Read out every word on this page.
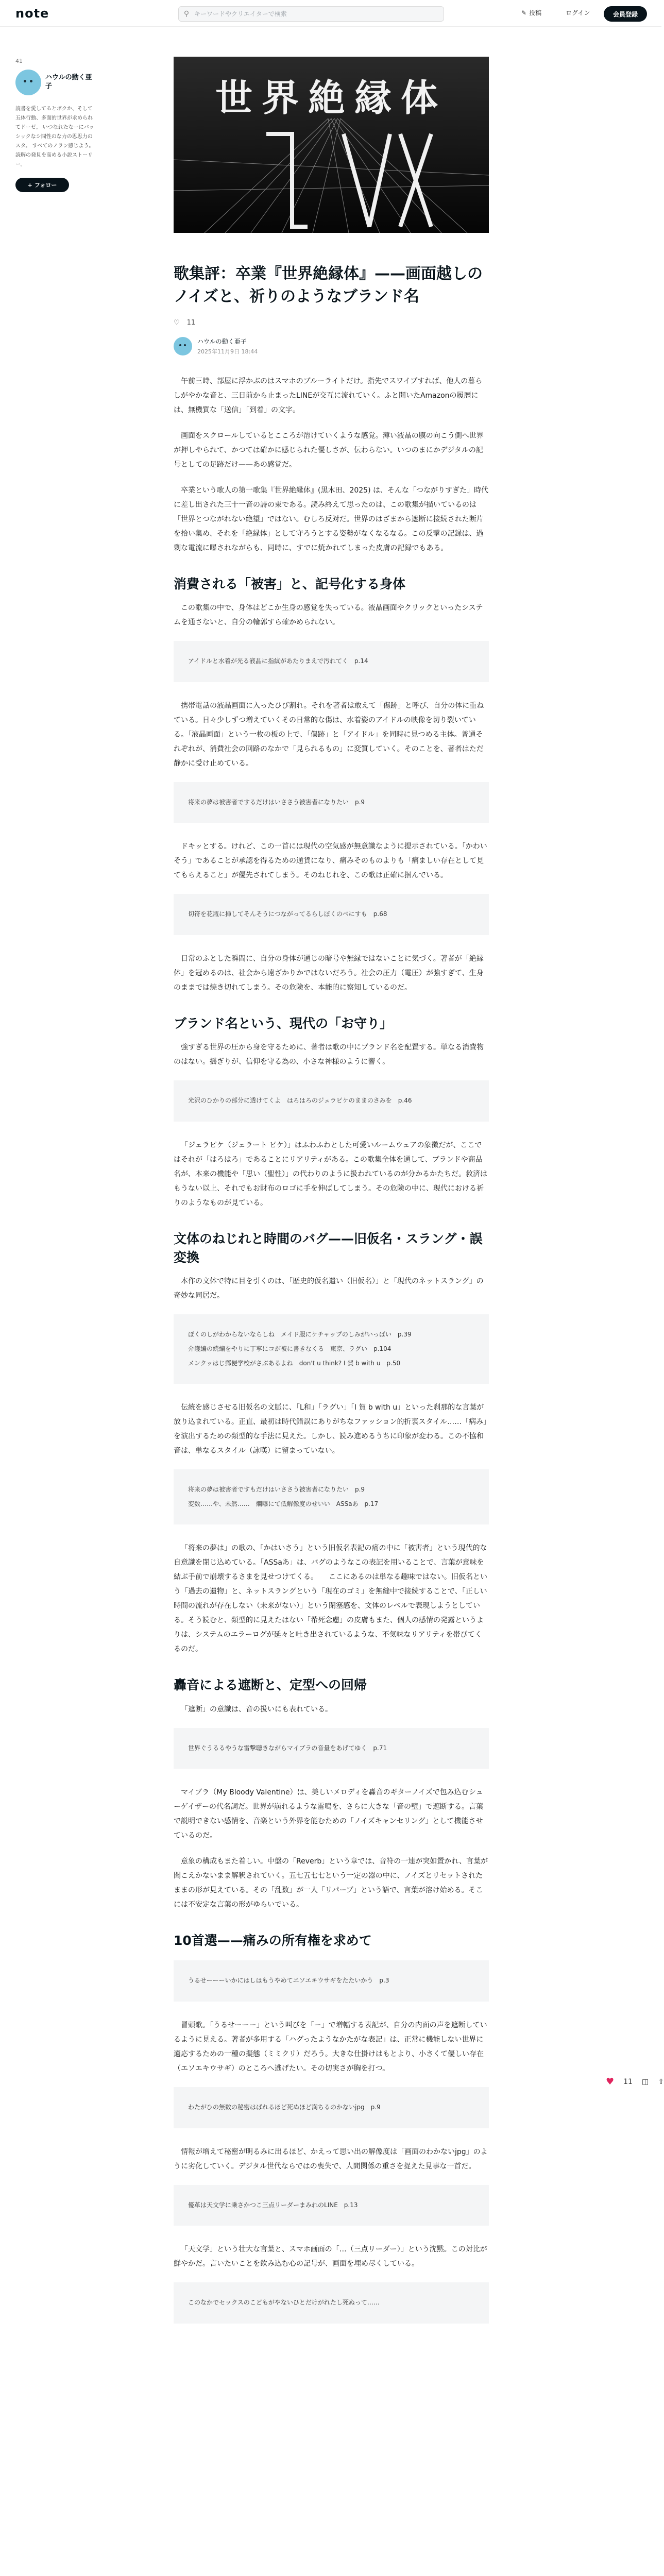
note	⚲
キーワードやクリエイターで検索	✎ 投稿	ログイン	会員登録
41
ハウルの動く亜子
読書を愛してるとボクか、そして五体行動、多面的世界が求められてドーゼ。 いつなれたなーにバッシックなシ間性のな力の思思力のスタ。 すべてのノラン感じよう。 読解の発見を高める小説ストーリー。
+ フォロー
世界絶縁体
歌集評：卒業『世界絶縁体』——画面越しのノイズと、祈りのようなブランド名
♡ 11
ハウルの動く亜子
2025年11月9日 18:44
午前三時、部屋に浮かぶのはスマホのブルーライトだけ。指先でスワイプすれば、他人の暮らしがやかな音と、三日前から止まったLINEが交互に流れていく。ふと開いたAmazonの履歴には、無機質な「送信」「到着」の文字。
画面をスクロールしているとこころが溶けていくような感覚。薄い液晶の膜の向こう側へ世界が押しやられて、かつては確かに感じられた優しさが、伝わらない。いつのまにかデジタルの記号としての足跡だけ——あの感覚だ。
卒業という歌人の第一歌集『世界絶縁体』(黒木田、2025) は、そんな「つながりすぎた」時代に差し出された三十一音の詩の束である。読み終えて思ったのは、この歌集が描いているのは「世界とつながれない絶望」ではない。むしろ反対だ。世界のはざまから遮断に接続された断片を拾い集め、それを「絶縁体」として守ろうとする姿勢がなくなるなる。この反撃の記録は、過剰な電流に曝されながらも、同時に、すでに焼かれてしまった皮膚の記録でもある。
消費される「被害」と、記号化する身体
この歌集の中で、身体はどこか生身の感覚を失っている。液晶画面やクリックといったシステムを通さないと、自分の輪郭すら確かめられない。
アイドルと水着が光る液晶に指紋があたりまえで汚れてく　p.14
携帯電話の液晶画面に入ったひび割れ。それを著者は敢えて「傷跡」と呼び、自分の体に重ねている。日々少しずつ増えていくその日常的な傷は、水着姿のアイドルの映像を切り裂いている。「液晶画面」という一枚の板の上で、「傷跡」と「アイドル」を同時に見つめる主体。普通それぞれが、消費社会の回路のなかで「見られるもの」に変質していく。そのことを、著者はただ静かに受け止めている。
将来の夢は被害者でするだけはいささう被害者になりたい　p.9
ドキッとする。けれど、この一首には現代の空気感が無意識なように提示されている。「かわいそう」であることが承認を得るための通貨になり、痛みそのものよりも「痛ましい存在として見てもらえること」が優先されてしまう。そのねじれを、この歌は正確に掴んでいる。
切符を花瓶に挿してそんそうにつながってるらしぼくのベにすも　p.68
日常のふとした瞬間に、自分の身体が通じの暗号や無縁ではないことに気づく。著者が「絶縁体」を冠めるのは、社会から遠ざかりかではないだろう。社会の圧力（電圧）が強すぎて、生身のままでは焼き切れてしまう。その危険を、本能的に察知しているのだ。
ブランド名という、現代の「お守り」
強すぎる世界の圧から身を守るために、著者は歌の中にブランド名を配置する。単なる消費物のはない。揺ぎりが、信仰を守る為の、小さな神様のように響く。
光沢のひかりの部分に透けてくよ　はろはろのジェラピケのままのさみを　p.46
「ジェラピケ（ジェラート ピケ）」はふわふわとした可愛いルームウェアの象徴だが、ここではそれが「はろはろ」であることにリアリティがある。この歌集全体を通して、ブランドや商品名が、本来の機能や「思い（聖性）」の代わりのように扱われているのが分かるかたちだ。救済はもうない以上、それでもお財布のロゴに手を伸ばしてしまう。その危険の中に、現代における祈りのようなものが見ている。
文体のねじれと時間のバグ——旧仮名・スラング・誤変換
本作の文体で特に目を引くのは、「歴史的仮名遣い（旧仮名）」と「現代のネットスラング」の奇妙な同居だ。
ぼくのしがわからないならしね　メイド服にケチャップのしみがいっぱい　p.39
介護編の続編をやりに丁寧にコが被に書きなくる　東京、ラグい　p.104
メンクッはじ郵便学校がさぶあるよね　don't u think? I 賀 b with u　p.50
伝統を感じさせる旧仮名の文脈に、「L和」「ラグい」「I 賀 b with u」といった刹那的な言葉が放り込まれている。正直、最初は時代錯誤にありがちなファッション的折衷スタイル……「病み」を演出するための類型的な手法に見えた。しかし、読み進めるうちに印象が変わる。この不協和音は、単なるスタイル（詠嘆）に留まっていない。
将来の夢は被害者ですもだけはいささう被害者になりたい　p.9
変数……や、未然……　爛曝にて低解像度のせいい　ASSaあ　p.17
「将来の夢は」の歌の、「かはいさう」という旧仮名表記の痛の中に「被害者」という現代的な自意識を閉じ込めている。「ASSaあ」は、バグのようなこの表記を用いることで、言葉が意味を結ぶ手前で崩壊するさまを見せつけてくる。　　ここにあるのは単なる趣味ではない。旧仮名という「過去の遺物」と、ネットスラングという「現在のゴミ」を無縫中で接続することで、「正しい時間の流れが存在しない（未来がない）」という閉塞感を、文体のレベルで表現しようとしている。そう読むと、類型的に見えたはない「希死念慮」の皮膚もまた、個人の感情の発露というよりは、システムのエラーログが延々と吐き出されているような、不気味なリアリティを帯びてくるのだ。
轟音による遮断と、定型への回帰
「遮断」の意識は、音の扱いにも表れている。
世界ぐうるるやうな雷撃聴きながらマイブラの音量をあげてゆく　p.71
マイブラ（My Bloody Valentine）は、美しいメロディを轟音のギターノイズで包み込むシューゲイザーの代名詞だ。世界が崩れるような雷鳴を、さらに大きな「音の壁」で遮断する。言葉で説明できない感情を、音楽という外界を能むための「ノイズキャンセリング」として機能させているのだ。
意象の構成もまた着しい。中盤の「Reverb」という章では、音符の一連が突如置かれ、言葉が聞こえかないまま解釈されていく。五七五七七という一定の器の中に、ノイズとリセットされたままの形が見えている。その「乱数」が一人「リパーブ」という語で、言葉が溶け始める。そこには不安定な言葉の形がゆらいでいる。
10首選——痛みの所有権を求めて
うるせーーーいかにはしはもうやめてエソエキウサギをたたいかう　p.3
冒頭歌。「うるせーーー」という叫びを「ー」で増幅する表記が、自分の内面の声を遮断しているように見える。著者が多用する「ハグったようなかたがな表記」は、正常に機能しない世界に適応するための一種の擬態（ミミクリ）だろう。大きな仕掛けはもとより、小さくて優しい存在（エソエキウサギ）のところへ逃げたい。その切実さが胸を打つ。
わたがひの無数の秘密はばれるほど死ぬほど満ちるのかないjpg　p.9
情報が増えて秘密が明るみに出るほど、かえって思い出の解像度は「画面のわかないjpg」のように劣化していく。デジタル世代ならではの喪失で、人間関係の重さを捉えた見事な一首だ。
優革は天文学に乗さかつこ三点リーダーまみれのLINE　p.13
「天文学」という壮大な言葉と、スマホ画面の「…（三点リーダー）」という沈黙。この対比が鮮やかだ。言いたいことを飲み込む心の記号が、画面を埋め尽くしている。
このなかでセックスのこどもがやないひとだけがれたし死ぬって……
♥ 11 ◫ ⇧
